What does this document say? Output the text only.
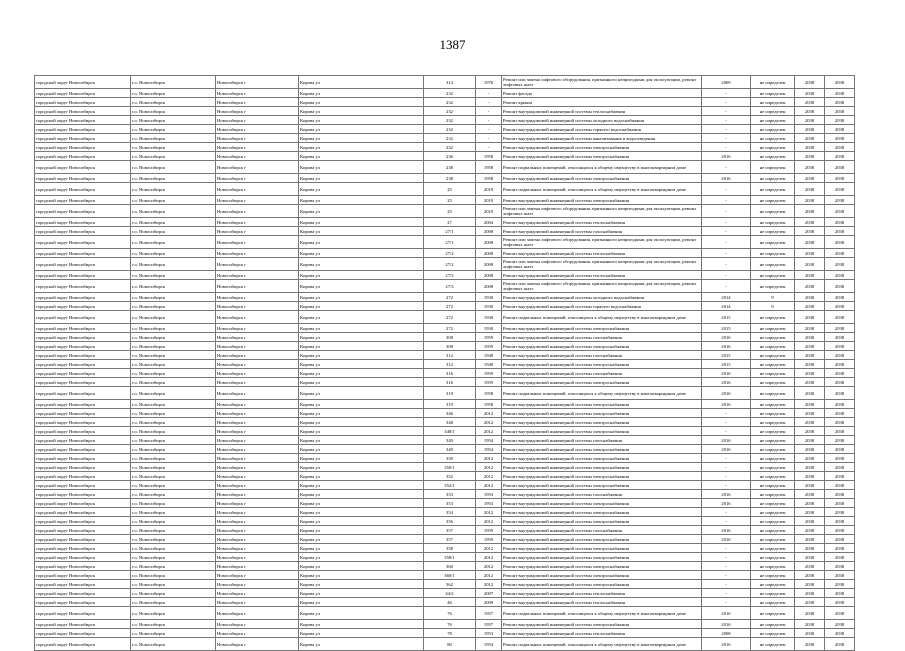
1387
городской округ Новосибирск	г.о. Новосибирск	Новосибирск г	Кирова ул	314	1976	Ремонт или замена лифтового оборудования, признанного непригодным для эксплуатации, ремонт лифтовых шахт	2009	не определен	2038	2038
городской округ Новосибирск	г.о. Новосибирск	Новосибирск г	Кирова ул	232	-	Ремонт фасада	-	не определен	2038	2038
городской округ Новосибирск	г.о. Новосибирск	Новосибирск г	Кирова ул	232	-	Ремонт крыши	-	не определен	2038	2038
городской округ Новосибирск	г.о. Новосибирск	Новосибирск г	Кирова ул	232	-	Ремонт внутридомовой инженерной системы теплоснабжения	-	не определен	2038	2038
городской округ Новосибирск	г.о. Новосибирск	Новосибирск г	Кирова ул	232	-	Ремонт внутридомовой инженерной системы холодного водоснабжения	-	не определен	2038	2038
городской округ Новосибирск	г.о. Новосибирск	Новосибирск г	Кирова ул	232	-	Ремонт внутридомовой инженерной системы горячего водоснабжения	-	не определен	2038	2038
городской округ Новосибирск	г.о. Новосибирск	Новосибирск г	Кирова ул	232	-	Ремонт внутридомовой инженерной системы канализования и водоотведения	-	не определен	2038	2038
городской округ Новосибирск	г.о. Новосибирск	Новосибирск г	Кирова ул	232	-	Ремонт внутридомовой инженерной системы электроснабжения	-	не определен	2038	2038
городской округ Новосибирск	г.о. Новосибирск	Новосибирск г	Кирова ул	236	1958	Ремонт внутридомовой инженерной системы электроснабжения	2016	не определен	2038	2038
городской округ Новосибирск	г.о. Новосибирск	Новосибирск г	Кирова ул	238	1958	Ремонт подвальных помещений, относящихся к общему имуществу в многоквартирном доме	-	не определен	2038	2038
городской округ Новосибирск	г.о. Новосибирск	Новосибирск г	Кирова ул	238	1958	Ремонт внутридомовой инженерной системы электроснабжения	2016	не определен	2038	2038
городской округ Новосибирск	г.о. Новосибирск	Новосибирск г	Кирова ул	25	2010	Ремонт подвальных помещений, относящихся к общему имуществу в многоквартирном доме	-	не определен	2038	2038
городской округ Новосибирск	г.о. Новосибирск	Новосибирск г	Кирова ул	25	2010	Ремонт внутридомовой инженерной системы электроснабжения	-	не определен	2038	2038
городской округ Новосибирск	г.о. Новосибирск	Новосибирск г	Кирова ул	25	2010	Ремонт или замена лифтового оборудования, признанного непригодным для эксплуатации, ремонт лифтовых шахт	-	не определен	2038	2038
городской округ Новосибирск	г.о. Новосибирск	Новосибирск г	Кирова ул	27	2004	Ремонт внутридомовой инженерной системы теплоснабжения	-	не определен	2038	2038
городской округ Новосибирск	г.о. Новосибирск	Новосибирск г	Кирова ул	27/1	2008	Ремонт внутридомовой инженерной системы газоснабжения	-	не определен	2038	2038
городской округ Новосибирск	г.о. Новосибирск	Новосибирск г	Кирова ул	27/1	2008	Ремонт или замена лифтового оборудования, признанного непригодным для эксплуатации, ремонт лифтовых шахт	-	не определен	2038	2038
городской округ Новосибирск	г.о. Новосибирск	Новосибирск г	Кирова ул	27/2	2008	Ремонт внутридомовой инженерной системы теплоснабжения	-	не определен	2038	2038
городской округ Новосибирск	г.о. Новосибирск	Новосибирск г	Кирова ул	27/2	2008	Ремонт или замена лифтового оборудования, признанного непригодным для эксплуатации, ремонт лифтовых шахт	-	не определен	2038	2038
городской округ Новосибирск	г.о. Новосибирск	Новосибирск г	Кирова ул	27/3	2008	Ремонт внутридомовой инженерной системы теплоснабжения	-	не определен	2038	2038
городской округ Новосибирск	г.о. Новосибирск	Новосибирск г	Кирова ул	27/3	2008	Ремонт или замена лифтового оборудования, признанного непригодным для эксплуатации, ремонт лифтовых шахт	-	не определен	2038	2038
городской округ Новосибирск	г.о. Новосибирск	Новосибирск г	Кирова ул	272	1930	Ремонт внутридомовой инженерной системы холодного водоснабжения	2014	9	2038	2038
городской округ Новосибирск	г.о. Новосибирск	Новосибирск г	Кирова ул	272	1930	Ремонт внутридомовой инженерной системы горячего водоснабжения	2014	9	2038	2038
городской округ Новосибирск	г.о. Новосибирск	Новосибирск г	Кирова ул	272	1930	Ремонт подвальных помещений, относящихся к общему имуществу в многоквартирном доме	2015	не определен	2038	2038
городской округ Новосибирск	г.о. Новосибирск	Новосибирск г	Кирова ул	272	1930	Ремонт внутридомовой инженерной системы электроснабжения	2015	не определен	2038	2038
городской округ Новосибирск	г.о. Новосибирск	Новосибирск г	Кирова ул	308	1959	Ремонт внутридомовой инженерной системы газоснабжения	2016	не определен	2038	2038
городской округ Новосибирск	г.о. Новосибирск	Новосибирск г	Кирова ул	308	1959	Ремонт внутридомовой инженерной системы электроснабжения	2016	не определен	2038	2038
городской округ Новосибирск	г.о. Новосибирск	Новосибирск г	Кирова ул	312	1948	Ремонт внутридомовой инженерной системы газоснабжения	2015	не определен	2038	2038
городской округ Новосибирск	г.о. Новосибирск	Новосибирск г	Кирова ул	312	1948	Ремонт внутридомовой инженерной системы электроснабжения	2015	не определен	2038	2038
городской округ Новосибирск	г.о. Новосибирск	Новосибирск г	Кирова ул	316	1959	Ремонт внутридомовой инженерной системы газоснабжения	2016	не определен	2038	2038
городской округ Новосибирск	г.о. Новосибирск	Новосибирск г	Кирова ул	316	1959	Ремонт внутридомовой инженерной системы электроснабжения	2016	не определен	2038	2038
городской округ Новосибирск	г.о. Новосибирск	Новосибирск г	Кирова ул	319	1958	Ремонт подвальных помещений, относящихся к общему имуществу в многоквартирном доме	2016	не определен	2038	2038
городской округ Новосибирск	г.о. Новосибирск	Новосибирск г	Кирова ул	319	1958	Ремонт внутридомовой инженерной системы электроснабжения	2016	не определен	2038	2038
городской округ Новосибирск	г.о. Новосибирск	Новосибирск г	Кирова ул	346	2012	Ремонт внутридомовой инженерной системы электроснабжения	-	не определен	2038	2038
городской округ Новосибирск	г.о. Новосибирск	Новосибирск г	Кирова ул	348	2012	Ремонт внутридомовой инженерной системы электроснабжения	-	не определен	2038	2038
городской округ Новосибирск	г.о. Новосибирск	Новосибирск г	Кирова ул	348/1	2012	Ремонт внутридомовой инженерной системы электроснабжения	-	не определен	2038	2038
городской округ Новосибирск	г.о. Новосибирск	Новосибирск г	Кирова ул	349	1954	Ремонт внутридомовой инженерной системы газоснабжения	2016	не определен	2038	2038
городской округ Новосибирск	г.о. Новосибирск	Новосибирск г	Кирова ул	349	1954	Ремонт внутридомовой инженерной системы электроснабжения	2016	не определен	2038	2038
городской округ Новосибирск	г.о. Новосибирск	Новосибирск г	Кирова ул	350	2012	Ремонт внутридомовой инженерной системы электроснабжения	-	не определен	2038	2038
городской округ Новосибирск	г.о. Новосибирск	Новосибирск г	Кирова ул	350/1	2012	Ремонт внутридомовой инженерной системы электроснабжения	-	не определен	2038	2038
городской округ Новосибирск	г.о. Новосибирск	Новосибирск г	Кирова ул	352	2012	Ремонт внутридомовой инженерной системы электроснабжения	-	не определен	2038	2038
городской округ Новосибирск	г.о. Новосибирск	Новосибирск г	Кирова ул	352/1	2012	Ремонт внутридомовой инженерной системы электроснабжения	-	не определен	2038	2038
городской округ Новосибирск	г.о. Новосибирск	Новосибирск г	Кирова ул	353	1953	Ремонт внутридомовой инженерной системы газоснабжения	2016	не определен	2038	2038
городской округ Новосибирск	г.о. Новосибирск	Новосибирск г	Кирова ул	353	1953	Ремонт внутридомовой инженерной системы электроснабжения	2016	не определен	2038	2038
городской округ Новосибирск	г.о. Новосибирск	Новосибирск г	Кирова ул	354	2012	Ремонт внутридомовой инженерной системы электроснабжения	-	не определен	2038	2038
городской округ Новосибирск	г.о. Новосибирск	Новосибирск г	Кирова ул	356	2012	Ремонт внутридомовой инженерной системы электроснабжения	-	не определен	2038	2038
городской округ Новосибирск	г.о. Новосибирск	Новосибирск г	Кирова ул	357	1959	Ремонт внутридомовой инженерной системы газоснабжения	2016	не определен	2038	2038
городской округ Новосибирск	г.о. Новосибирск	Новосибирск г	Кирова ул	357	1959	Ремонт внутридомовой инженерной системы электроснабжения	2016	не определен	2038	2038
городской округ Новосибирск	г.о. Новосибирск	Новосибирск г	Кирова ул	358	2012	Ремонт внутридомовой инженерной системы электроснабжения	-	не определен	2038	2038
городской округ Новосибирск	г.о. Новосибирск	Новосибирск г	Кирова ул	358/1	2012	Ремонт внутридомовой инженерной системы электроснабжения	-	не определен	2038	2038
городской округ Новосибирск	г.о. Новосибирск	Новосибирск г	Кирова ул	360	2012	Ремонт внутридомовой инженерной системы электроснабжения	-	не определен	2038	2038
городской округ Новосибирск	г.о. Новосибирск	Новосибирск г	Кирова ул	360/1	2012	Ремонт внутридомовой инженерной системы электроснабжения	-	не определен	2038	2038
городской округ Новосибирск	г.о. Новосибирск	Новосибирск г	Кирова ул	362	2012	Ремонт внутридомовой инженерной системы электроснабжения	-	не определен	2038	2038
городской округ Новосибирск	г.о. Новосибирск	Новосибирск г	Кирова ул	44/2	2007	Ремонт внутридомовой инженерной системы теплоснабжения	-	не определен	2038	2038
городской округ Новосибирск	г.о. Новосибирск	Новосибирск г	Кирова ул	46	2009	Ремонт внутридомовой инженерной системы теплоснабжения	-	не определен	2038	2038
городской округ Новосибирск	г.о. Новосибирск	Новосибирск г	Кирова ул	76	1957	Ремонт подвальных помещений, относящихся к общему имуществу в многоквартирном доме	2016	не определен	2038	2038
городской округ Новосибирск	г.о. Новосибирск	Новосибирск г	Кирова ул	76	1957	Ремонт внутридомовой инженерной системы электроснабжения	2016	не определен	2038	2038
городской округ Новосибирск	г.о. Новосибирск	Новосибирск г	Кирова ул	78	1953	Ремонт внутридомовой инженерной системы теплоснабжения	2008	не определен	2038	2038
городской округ Новосибирск	г.о. Новосибирск	Новосибирск г	Кирова ул	80	1954	Ремонт подвальных помещений, относящихся к общему имуществу в многоквартирном доме	2016	не определен	2038	2038
